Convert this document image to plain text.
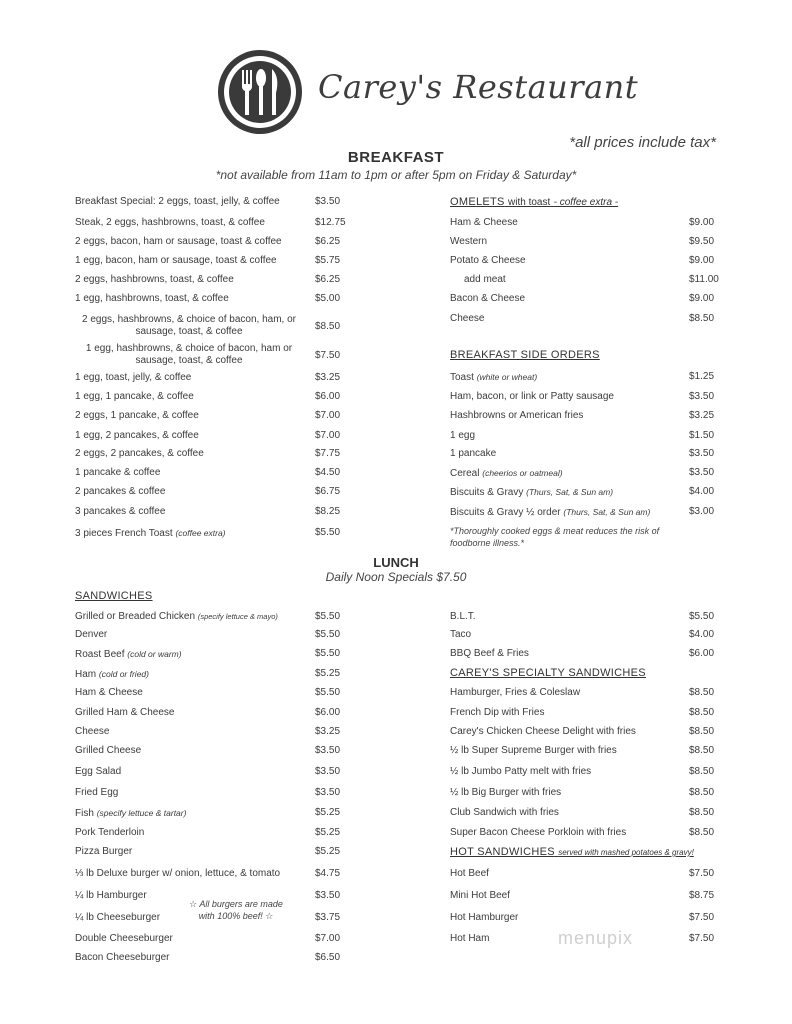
Carey's Restaurant
*all prices include tax*
BREAKFAST
*not available from 11am to 1pm or after 5pm on Friday & Saturday*
Breakfast Special: 2 eggs, toast, jelly, & coffee	$3.50
Steak, 2 eggs, hashbrowns, toast, & coffee	$12.75
2 eggs, bacon, ham or sausage, toast & coffee	$6.25
1 egg, bacon, ham or sausage, toast & coffee	$5.75
2 eggs, hashbrowns, toast, & coffee	$6.25
1 egg, hashbrowns, toast, & coffee	$5.00
2 eggs, hashbrowns, & choice of bacon, ham, or sausage, toast, & coffee	$8.50
1 egg, hashbrowns, & choice of bacon, ham or sausage, toast, & coffee	$7.50
1 egg, toast, jelly, & coffee	$3.25
1 egg, 1 pancake, & coffee	$6.00
2 eggs, 1 pancake, & coffee	$7.00
1 egg, 2 pancakes, & coffee	$7.00
2 eggs, 2 pancakes, & coffee	$7.75
1 pancake & coffee	$4.50
2 pancakes & coffee	$6.75
3 pancakes & coffee	$8.25
3 pieces French Toast (coffee extra)	$5.50
OMELETS with toast - coffee extra -
Ham & Cheese	$9.00
Western	$9.50
Potato & Cheese	$9.00
add meat	$11.00
Bacon & Cheese	$9.00
Cheese	$8.50
BREAKFAST SIDE ORDERS
Toast (white or wheat)	$1.25
Ham, bacon, or link or Patty sausage	$3.50
Hashbrowns or American fries	$3.25
1 egg	$1.50
1 pancake	$3.50
Cereal (cheerios or oatmeal)	$3.50
Biscuits & Gravy (Thurs, Sat, & Sun am)	$4.00
Biscuits & Gravy ½ order (Thurs, Sat, & Sun am)	$3.00
*Thoroughly cooked eggs & meat reduces the risk of foodborne illness.*
LUNCH
Daily Noon Specials $7.50
SANDWICHES
Grilled or Breaded Chicken (specify lettuce & mayo)	$5.50
Denver	$5.50
Roast Beef (cold or warm)	$5.50
Ham (cold or fried)	$5.25
Ham & Cheese	$5.50
Grilled Ham & Cheese	$6.00
Cheese	$3.25
Grilled Cheese	$3.50
Egg Salad	$3.50
Fried Egg	$3.50
Fish (specify lettuce & tartar)	$5.25
Pork Tenderloin	$5.25
Pizza Burger	$5.25
⅓ lb Deluxe burger w/ onion, lettuce, & tomato	$4.75
¼ lb Hamburger	$3.50
¼ lb Cheeseburger	$3.75
Double Cheeseburger	$7.00
Bacon Cheeseburger	$6.50
☆ All burgers are made with 100% beef! ☆
B.L.T.	$5.50
Taco	$4.00
BBQ Beef & Fries	$6.00
CAREY'S SPECIALTY SANDWICHES
Hamburger, Fries & Coleslaw	$8.50
French Dip with Fries	$8.50
Carey's Chicken Cheese Delight with fries	$8.50
½ lb Super Supreme Burger with fries	$8.50
½ lb Jumbo Patty melt with fries	$8.50
½ lb Big Burger with fries	$8.50
Club Sandwich with fries	$8.50
Super Bacon Cheese Porkloin with fries	$8.50
HOT SANDWICHES served with mashed potatoes & gravy!
Hot Beef	$7.50
Mini Hot Beef	$8.75
Hot Hamburger	$7.50
Hot Ham	$7.50
menupix
